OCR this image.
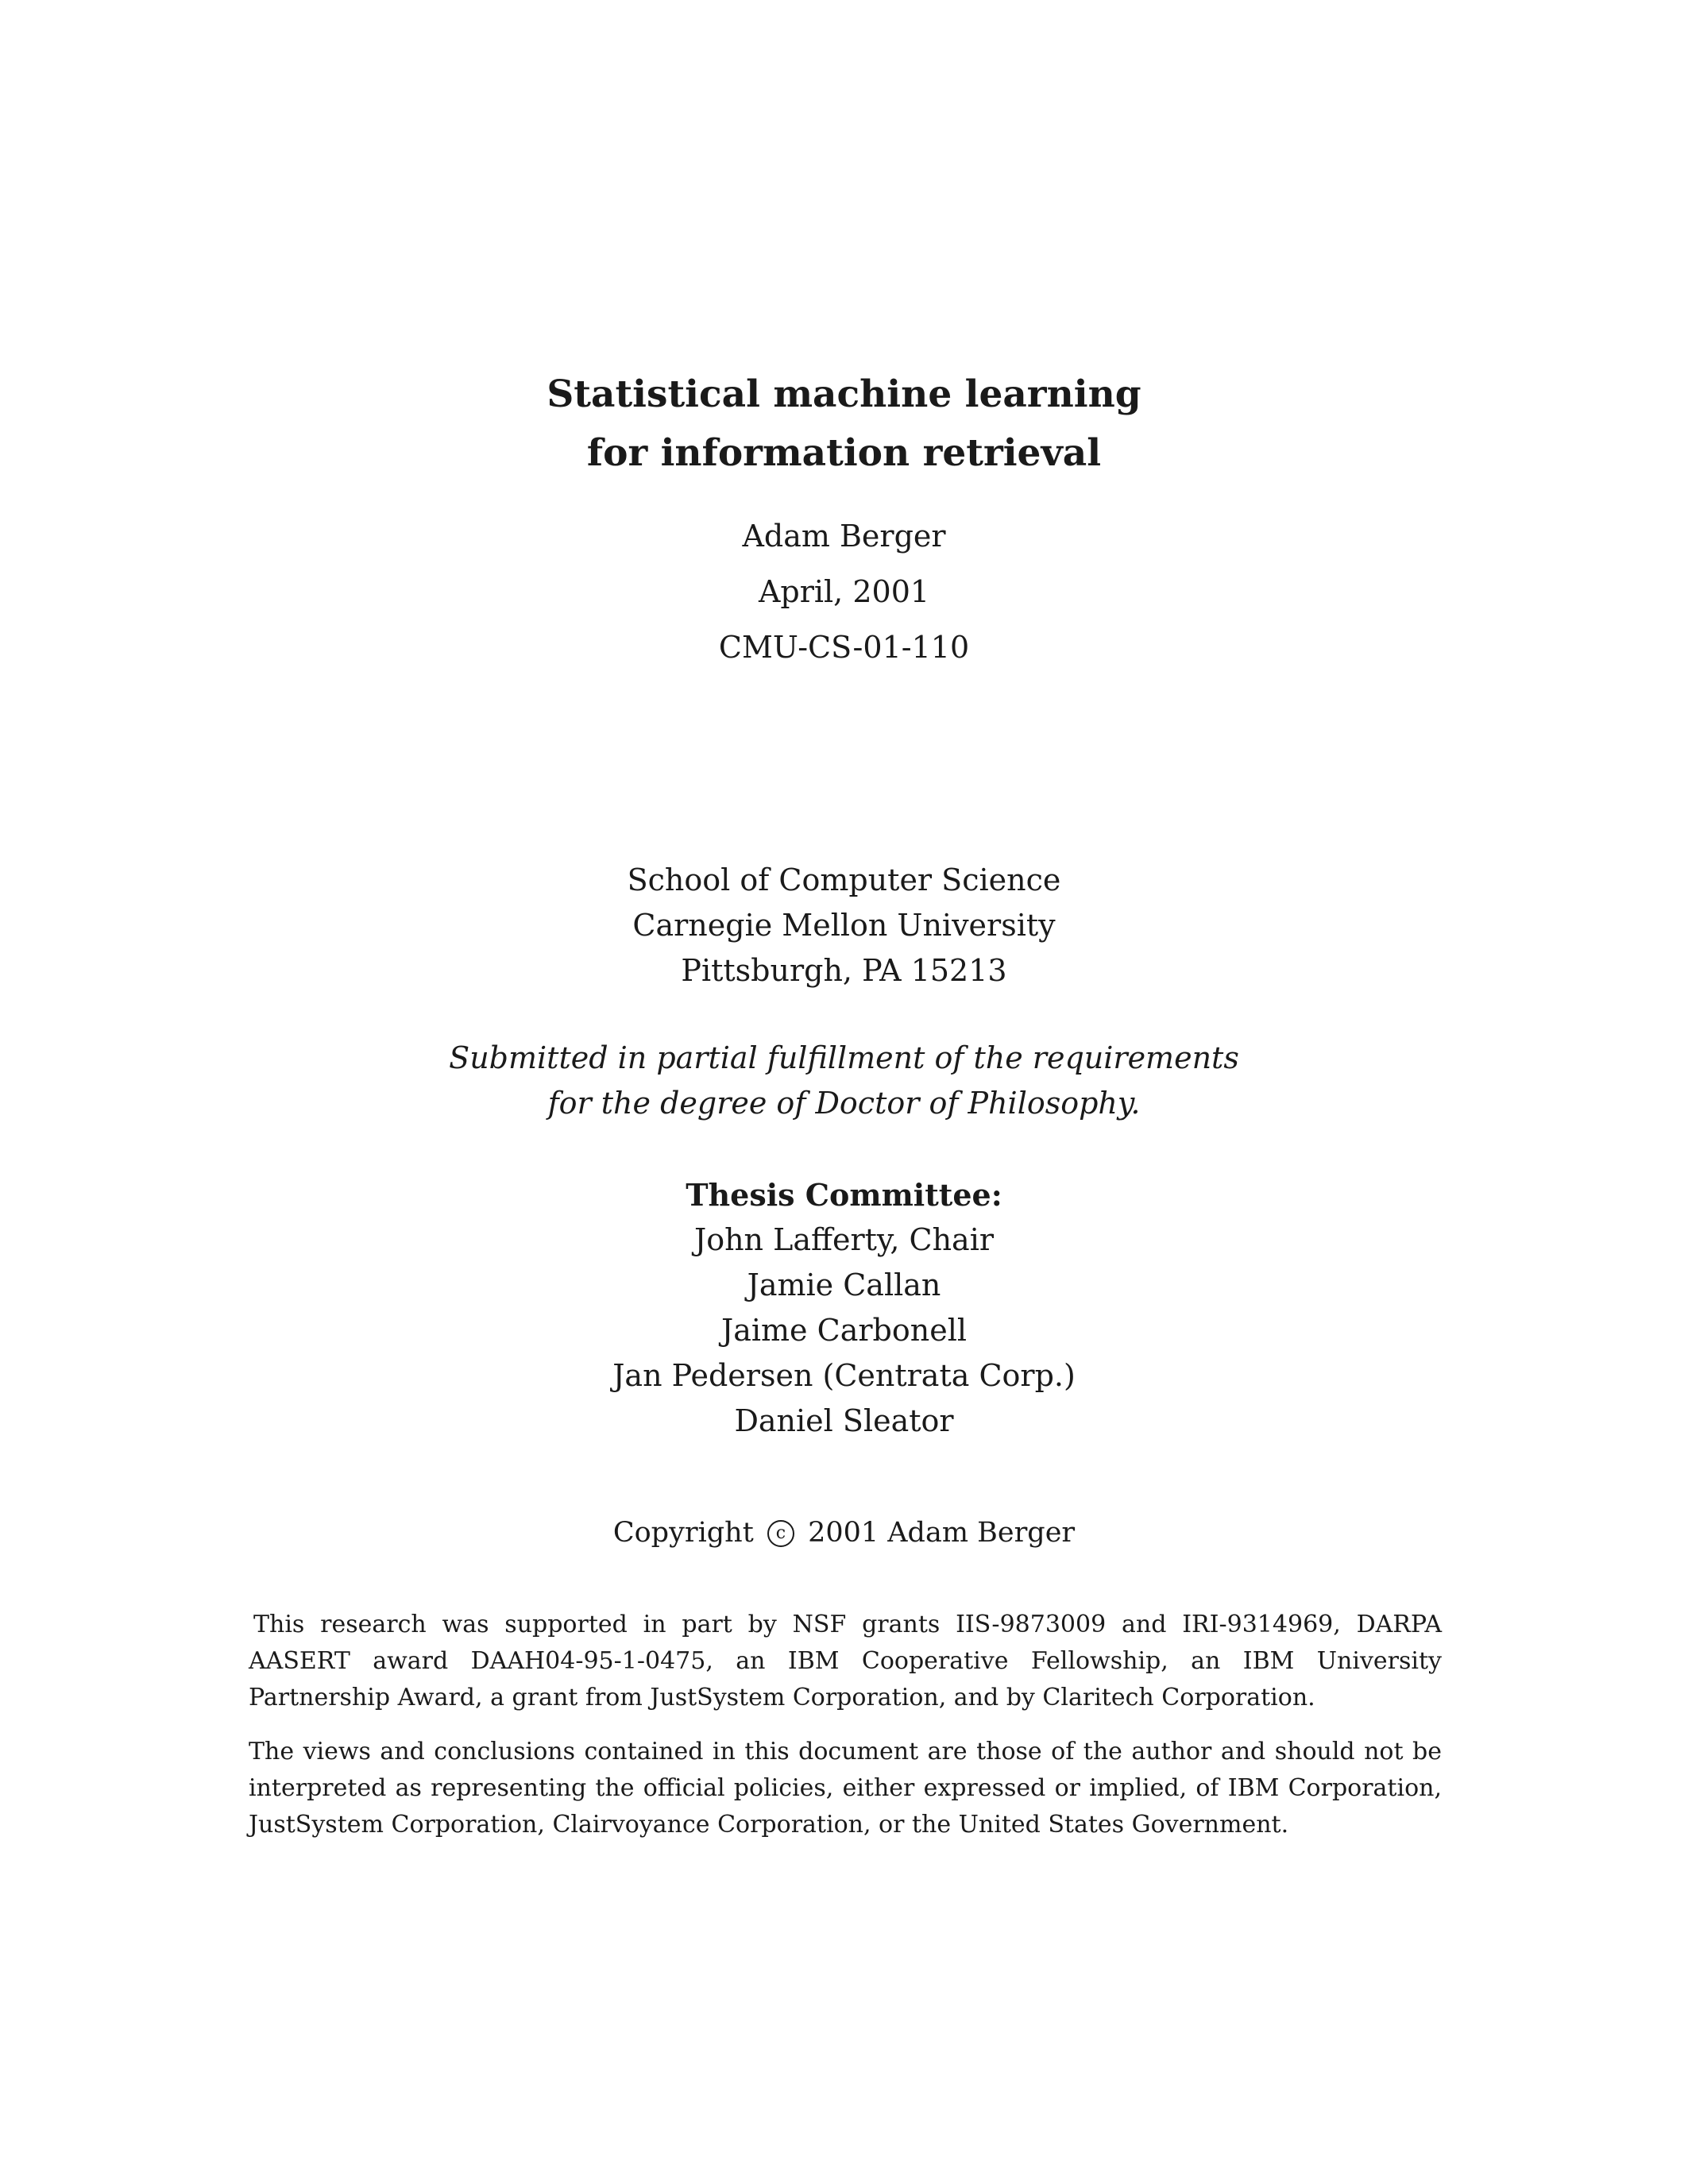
Statistical machine learning
for information retrieval
Adam Berger
April, 2001
CMU-CS-01-110
School of Computer Science
Carnegie Mellon University
Pittsburgh, PA 15213
Submitted in partial fulfillment of the requirements
for the degree of Doctor of Philosophy.
Thesis Committee:
John Lafferty, Chair
Jamie Callan
Jaime Carbonell
Jan Pedersen (Centrata Corp.)
Daniel Sleator
Copyright c 2001 Adam Berger
This research was supported in part by NSF grants IIS-9873009 and IRI-9314969, DARPA AASERT award DAAH04-95-1-0475, an IBM Cooperative Fellowship, an IBM University Partnership Award, a grant from JustSystem Corporation, and by Claritech Corporation.
The views and conclusions contained in this document are those of the author and should not be interpreted as representing the official policies, either expressed or implied, of IBM Corporation, JustSystem Corporation, Clairvoyance Corporation, or the United States Government.
